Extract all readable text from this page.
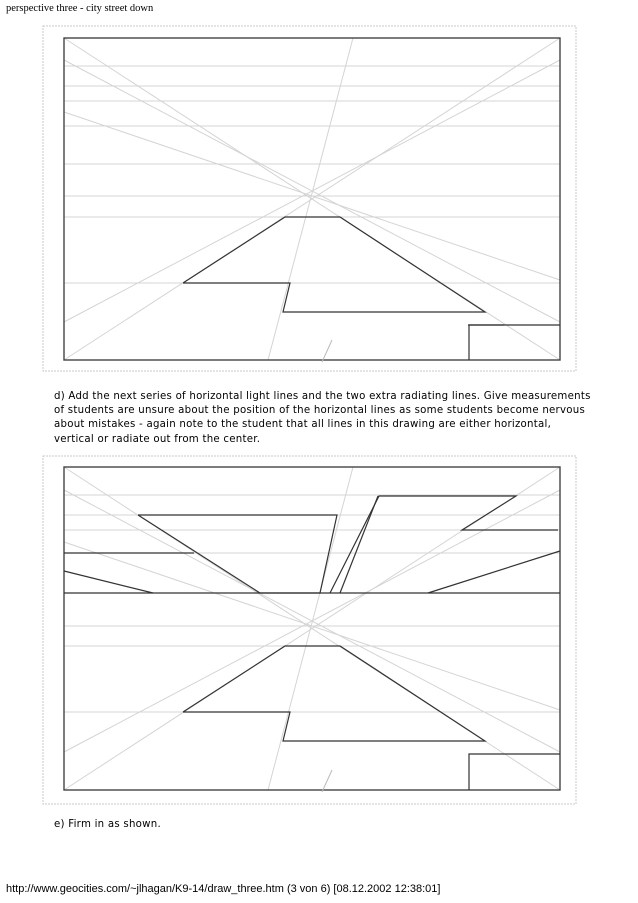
perspective three - city street down

d) Add the next series of horizontal light lines and the two extra radiating lines. Give measurements of students are unsure about the position of the horizontal lines as some students become nervous about mistakes - again note to the student that all lines in this drawing are either horizontal, vertical or radiate out from the center.

e) Firm in as shown.

http://www.geocities.com/~jlhagan/K9-14/draw_three.htm (3 von 6) [08.12.2002 12:38:01]
